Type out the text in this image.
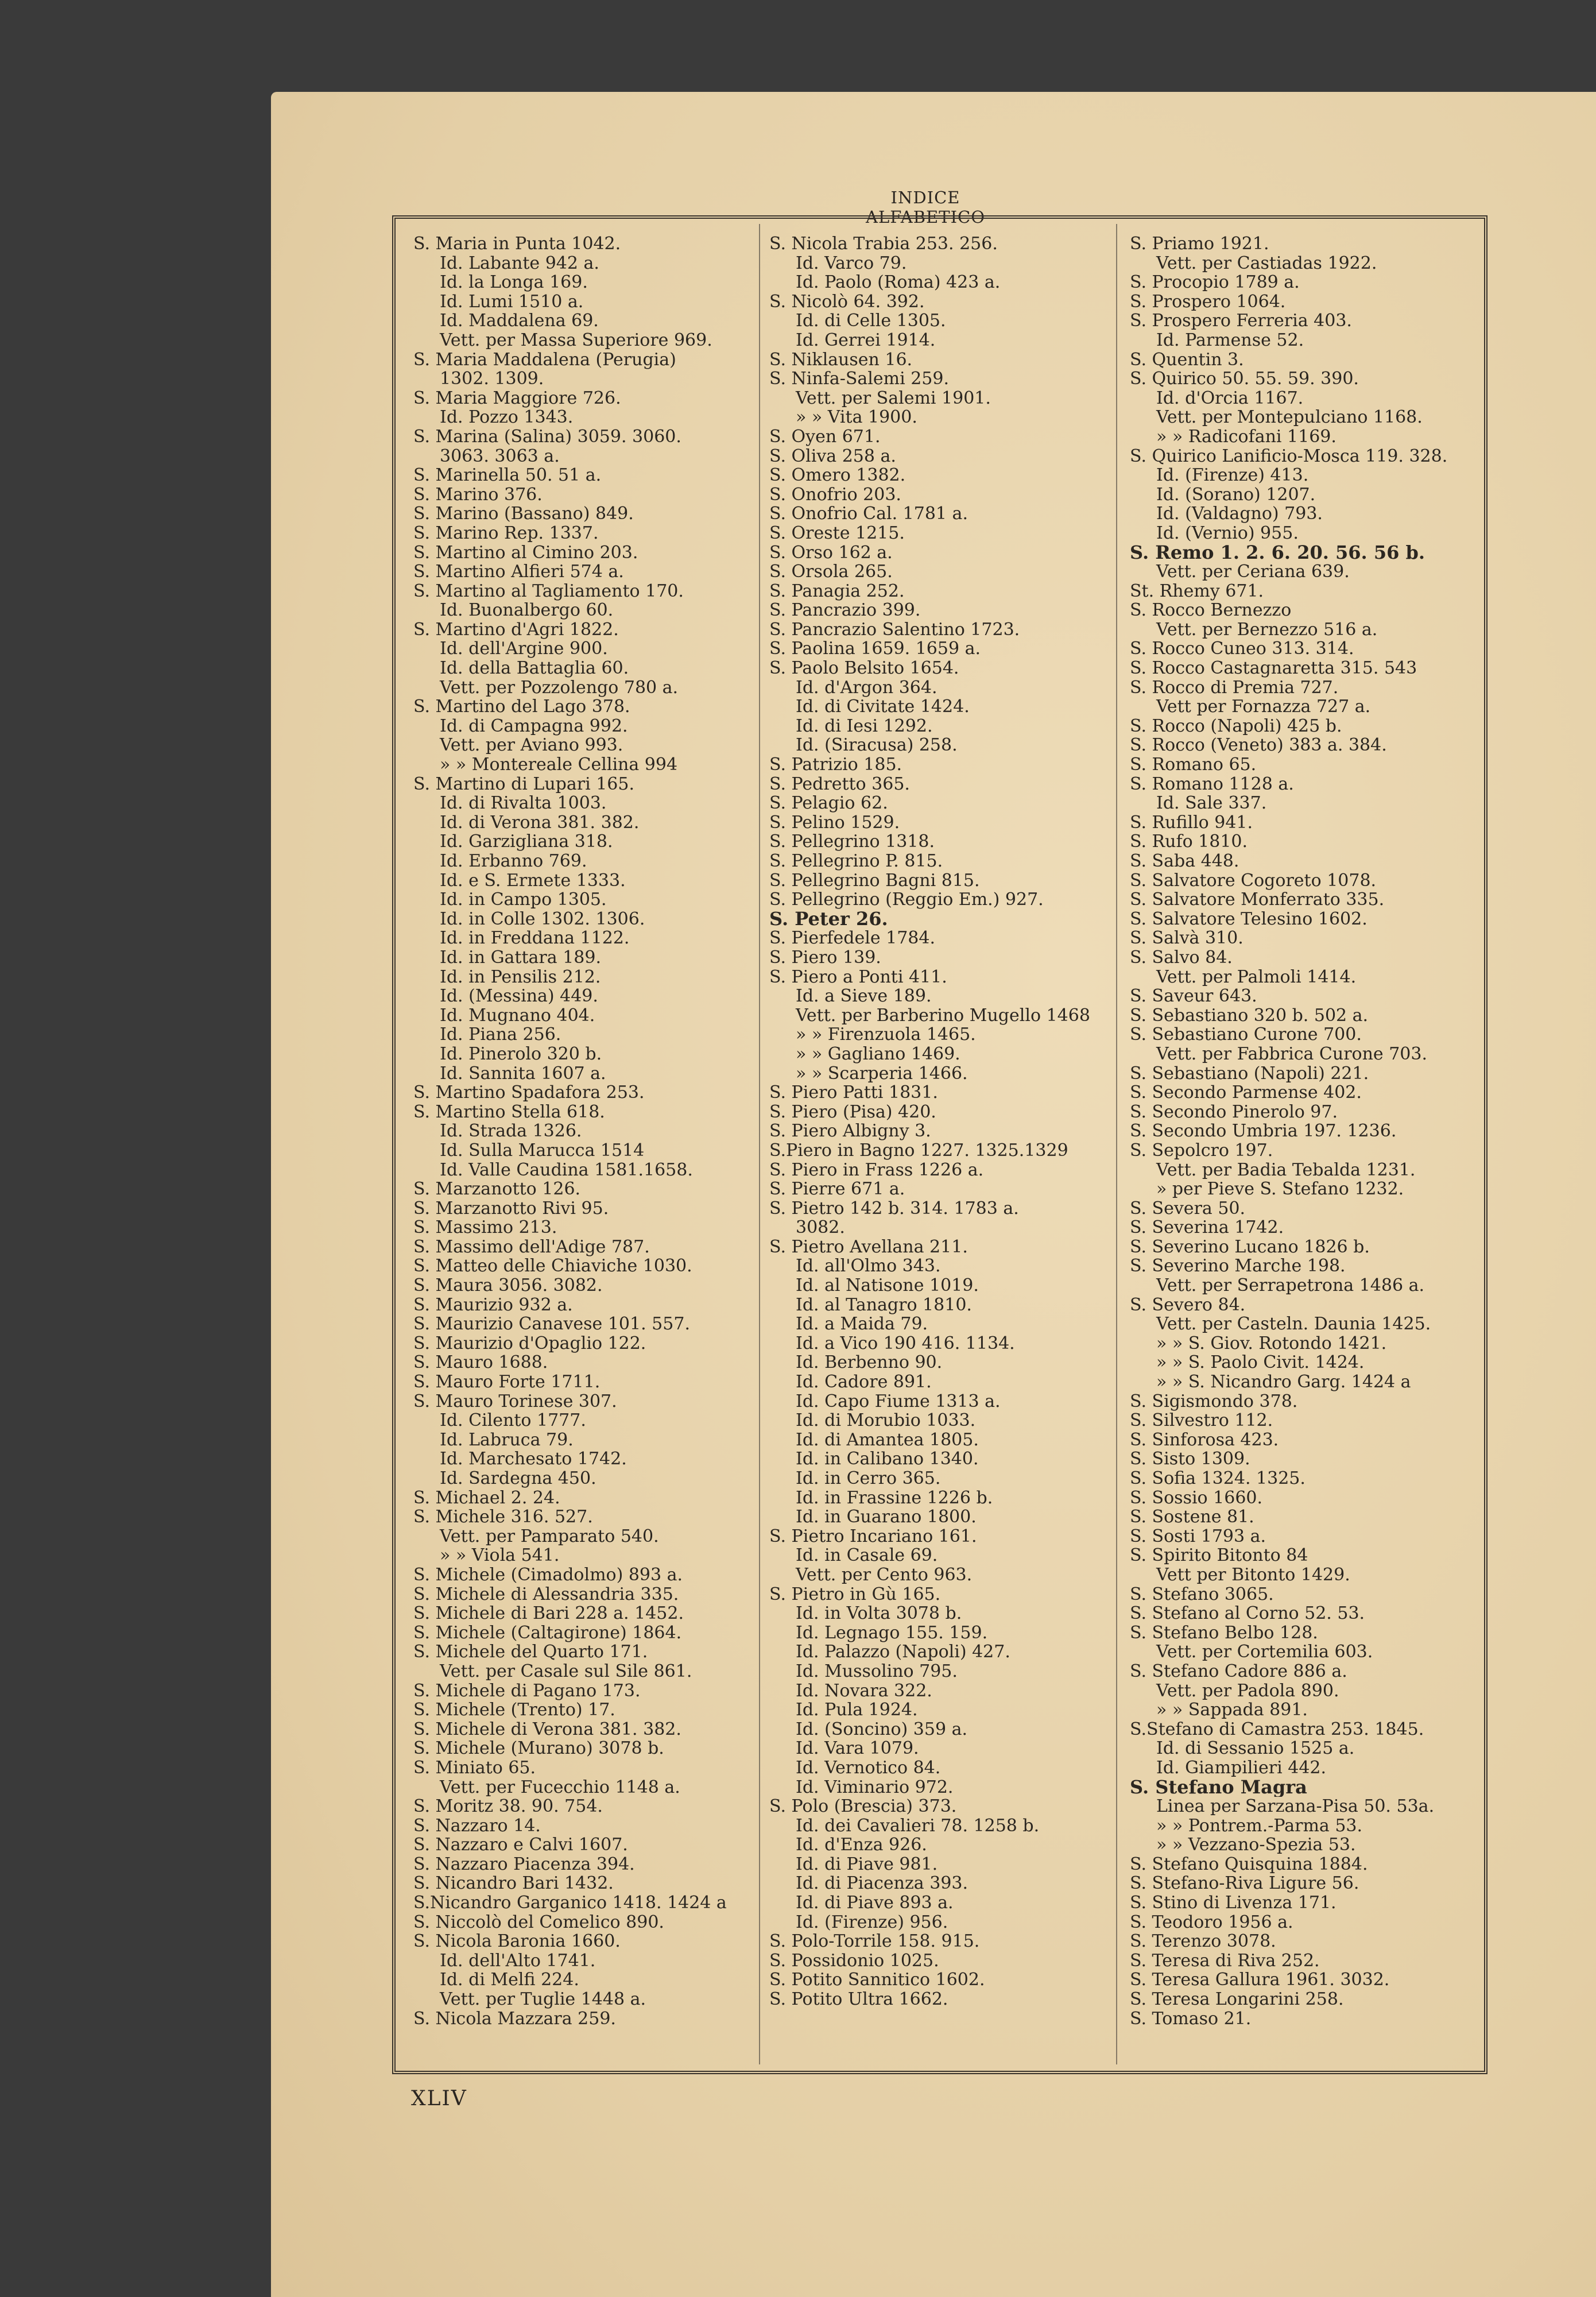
INDICE ALFABETICO
S. Maria in Punta 1042.
Id. Labante 942 a.
Id. la Longa 169.
Id. Lumi 1510 a.
Id. Maddalena 69.
Vett. per Massa Superiore 969.
S. Maria Maddalena (Perugia)
1302. 1309.
S. Maria Maggiore 726.
Id. Pozzo 1343.
S. Marina (Salina) 3059. 3060.
3063. 3063 a.
S. Marinella 50. 51 a.
S. Marino 376.
S. Marino (Bassano) 849.
S. Marino Rep. 1337.
S. Martino al Cimino 203.
S. Martino Alfieri 574 a.
S. Martino al Tagliamento 170.
Id. Buonalbergo 60.
S. Martino d'Agri 1822.
Id. dell'Argine 900.
Id. della Battaglia 60.
Vett. per Pozzolengo 780 a.
S. Martino del Lago 378.
Id. di Campagna 992.
Vett. per Aviano 993.
» » Montereale Cellina 994
S. Martino di Lupari 165.
Id. di Rivalta 1003.
Id. di Verona 381. 382.
Id. Garzigliana 318.
Id. Erbanno 769.
Id. e S. Ermete 1333.
Id. in Campo 1305.
Id. in Colle 1302. 1306.
Id. in Freddana 1122.
Id. in Gattara 189.
Id. in Pensilis 212.
Id. (Messina) 449.
Id. Mugnano 404.
Id. Piana 256.
Id. Pinerolo 320 b.
Id. Sannita 1607 a.
S. Martino Spadafora 253.
S. Martino Stella 618.
Id. Strada 1326.
Id. Sulla Marucca 1514
Id. Valle Caudina 1581.1658.
S. Marzanotto 126.
S. Marzanotto Rivi 95.
S. Massimo 213.
S. Massimo dell'Adige 787.
S. Matteo delle Chiaviche 1030.
S. Maura 3056. 3082.
S. Maurizio 932 a.
S. Maurizio Canavese 101. 557.
S. Maurizio d'Opaglio 122.
S. Mauro 1688.
S. Mauro Forte 1711.
S. Mauro Torinese 307.
Id. Cilento 1777.
Id. Labruca 79.
Id. Marchesato 1742.
Id. Sardegna 450.
S. Michael 2. 24.
S. Michele 316. 527.
Vett. per Pamparato 540.
» » Viola 541.
S. Michele (Cimadolmo) 893 a.
S. Michele di Alessandria 335.
S. Michele di Bari 228 a. 1452.
S. Michele (Caltagirone) 1864.
S. Michele del Quarto 171.
Vett. per Casale sul Sile 861.
S. Michele di Pagano 173.
S. Michele (Trento) 17.
S. Michele di Verona 381. 382.
S. Michele (Murano) 3078 b.
S. Miniato 65.
Vett. per Fucecchio 1148 a.
S. Moritz 38. 90. 754.
S. Nazzaro 14.
S. Nazzaro e Calvi 1607.
S. Nazzaro Piacenza 394.
S. Nicandro Bari 1432.
S.Nicandro Garganico 1418. 1424 a
S. Niccolò del Comelico 890.
S. Nicola Baronia 1660.
Id. dell'Alto 1741.
Id. di Melfi 224.
Vett. per Tuglie 1448 a.
S. Nicola Mazzara 259.
S. Nicola Trabia 253. 256.
Id. Varco 79.
Id. Paolo (Roma) 423 a.
S. Nicolò 64. 392.
Id. di Celle 1305.
Id. Gerrei 1914.
S. Niklausen 16.
S. Ninfa-Salemi 259.
Vett. per Salemi 1901.
» » Vita 1900.
S. Oyen 671.
S. Oliva 258 a.
S. Omero 1382.
S. Onofrio 203.
S. Onofrio Cal. 1781 a.
S. Oreste 1215.
S. Orso 162 a.
S. Orsola 265.
S. Panagia 252.
S. Pancrazio 399.
S. Pancrazio Salentino 1723.
S. Paolina 1659. 1659 a.
S. Paolo Belsito 1654.
Id. d'Argon 364.
Id. di Civitate 1424.
Id. di Iesi 1292.
Id. (Siracusa) 258.
S. Patrizio 185.
S. Pedretto 365.
S. Pelagio 62.
S. Pelino 1529.
S. Pellegrino 1318.
S. Pellegrino P. 815.
S. Pellegrino Bagni 815.
S. Pellegrino (Reggio Em.) 927.
S. Peter 26.
S. Pierfedele 1784.
S. Piero 139.
S. Piero a Ponti 411.
Id. a Sieve 189.
Vett. per Barberino Mugello 1468
» » Firenzuola 1465.
» » Gagliano 1469.
» » Scarperia 1466.
S. Piero Patti 1831.
S. Piero (Pisa) 420.
S. Piero Albigny 3.
S.Piero in Bagno 1227. 1325.1329
S. Piero in Frass 1226 a.
S. Pierre 671 a.
S. Pietro 142 b. 314. 1783 a.
3082.
S. Pietro Avellana 211.
Id. all'Olmo 343.
Id. al Natisone 1019.
Id. al Tanagro 1810.
Id. a Maida 79.
Id. a Vico 190 416. 1134.
Id. Berbenno 90.
Id. Cadore 891.
Id. Capo Fiume 1313 a.
Id. di Morubio 1033.
Id. di Amantea 1805.
Id. in Calibano 1340.
Id. in Cerro 365.
Id. in Frassine 1226 b.
Id. in Guarano 1800.
S. Pietro Incariano 161.
Id. in Casale 69.
Vett. per Cento 963.
S. Pietro in Gù 165.
Id. in Volta 3078 b.
Id. Legnago 155. 159.
Id. Palazzo (Napoli) 427.
Id. Mussolino 795.
Id. Novara 322.
Id. Pula 1924.
Id. (Soncino) 359 a.
Id. Vara 1079.
Id. Vernotico 84.
Id. Viminario 972.
S. Polo (Brescia) 373.
Id. dei Cavalieri 78. 1258 b.
Id. d'Enza 926.
Id. di Piave 981.
Id. di Piacenza 393.
Id. di Piave 893 a.
Id. (Firenze) 956.
S. Polo-Torrile 158. 915.
S. Possidonio 1025.
S. Potito Sannitico 1602.
S. Potito Ultra 1662.
S. Priamo 1921.
Vett. per Castiadas 1922.
S. Procopio 1789 a.
S. Prospero 1064.
S. Prospero Ferreria 403.
Id. Parmense 52.
S. Quentin 3.
S. Quirico 50. 55. 59. 390.
Id. d'Orcia 1167.
Vett. per Montepulciano 1168.
» » Radicofani 1169.
S. Quirico Lanificio-Mosca 119. 328.
Id. (Firenze) 413.
Id. (Sorano) 1207.
Id. (Valdagno) 793.
Id. (Vernio) 955.
S. Remo 1. 2. 6. 20. 56. 56 b.
Vett. per Ceriana 639.
St. Rhemy 671.
S. Rocco Bernezzo
Vett. per Bernezzo 516 a.
S. Rocco Cuneo 313. 314.
S. Rocco Castagnaretta 315. 543
S. Rocco di Premia 727.
Vett per Fornazza 727 a.
S. Rocco (Napoli) 425 b.
S. Rocco (Veneto) 383 a. 384.
S. Romano 65.
S. Romano 1128 a.
Id. Sale 337.
S. Rufillo 941.
S. Rufo 1810.
S. Saba 448.
S. Salvatore Cogoreto 1078.
S. Salvatore Monferrato 335.
S. Salvatore Telesino 1602.
S. Salvà 310.
S. Salvo 84.
Vett. per Palmoli 1414.
S. Saveur 643.
S. Sebastiano 320 b. 502 a.
S. Sebastiano Curone 700.
Vett. per Fabbrica Curone 703.
S. Sebastiano (Napoli) 221.
S. Secondo Parmense 402.
S. Secondo Pinerolo 97.
S. Secondo Umbria 197. 1236.
S. Sepolcro 197.
Vett. per Badia Tebalda 1231.
» per Pieve S. Stefano 1232.
S. Severa 50.
S. Severina 1742.
S. Severino Lucano 1826 b.
S. Severino Marche 198.
Vett. per Serrapetrona 1486 a.
S. Severo 84.
Vett. per Casteln. Daunia 1425.
» » S. Giov. Rotondo 1421.
» » S. Paolo Civit. 1424.
» » S. Nicandro Garg. 1424 a
S. Sigismondo 378.
S. Silvestro 112.
S. Sinforosa 423.
S. Sisto 1309.
S. Sofia 1324. 1325.
S. Sossio 1660.
S. Sostene 81.
S. Sosti 1793 a.
S. Spirito Bitonto 84
Vett per Bitonto 1429.
S. Stefano 3065.
S. Stefano al Corno 52. 53.
S. Stefano Belbo 128.
Vett. per Cortemilia 603.
S. Stefano Cadore 886 a.
Vett. per Padola 890.
» » Sappada 891.
S.Stefano di Camastra 253. 1845.
Id. di Sessanio 1525 a.
Id. Giampilieri 442.
S. Stefano Magra
Linea per Sarzana-Pisa 50. 53a.
» » Pontrem.-Parma 53.
» » Vezzano-Spezia 53.
S. Stefano Quisquina 1884.
S. Stefano-Riva Ligure 56.
S. Stino di Livenza 171.
S. Teodoro 1956 a.
S. Terenzo 3078.
S. Teresa di Riva 252.
S. Teresa Gallura 1961. 3032.
S. Teresa Longarini 258.
S. Tomaso 21.
XLIV
